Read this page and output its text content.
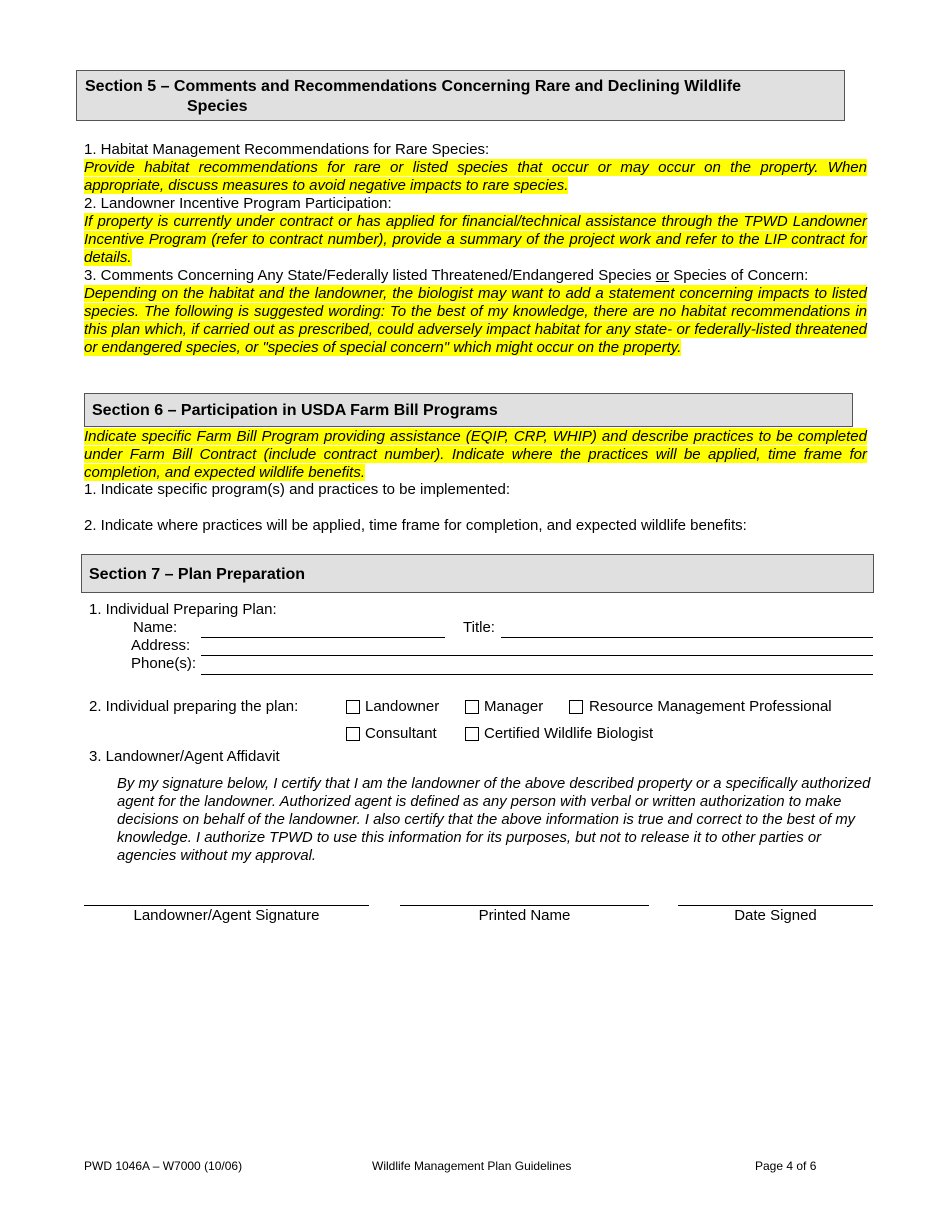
Section 5 – Comments and Recommendations Concerning Rare and Declining Wildlife
Species
1. Habitat Management Recommendations for Rare Species:
Provide habitat recommendations for rare or listed species that occur or may occur on the property. When appropriate, discuss measures to avoid negative impacts to rare species.
2. Landowner Incentive Program Participation:
If property is currently under contract or has applied for financial/technical assistance through the TPWD Landowner Incentive Program (refer to contract number), provide a summary of the project work and refer to the LIP contract for details.
3. Comments Concerning Any State/Federally listed Threatened/Endangered Species or Species of Concern:
Depending on the habitat and the landowner, the biologist may want to add a statement concerning impacts to listed species. The following is suggested wording: To the best of my knowledge, there are no habitat recommendations in this plan which, if carried out as prescribed, could adversely impact habitat for any state- or federally-listed threatened or endangered species, or "species of special concern" which might occur on the property.
Section 6 – Participation in USDA Farm Bill Programs
Indicate specific Farm Bill Program providing assistance (EQIP, CRP, WHIP) and describe practices to be completed under Farm Bill Contract (include contract number). Indicate where the practices will be applied, time frame for completion, and expected wildlife benefits.
1. Indicate specific program(s) and practices to be implemented:
2. Indicate where practices will be applied, time frame for completion, and expected wildlife benefits:
Section 7 – Plan Preparation
1. Individual Preparing Plan:
Name:	Title:
Address:
Phone(s):
2. Individual preparing the plan:	Landowner	Manager	Resource Management Professional
Consultant	Certified Wildlife Biologist
3. Landowner/Agent Affidavit
By my signature below, I certify that I am the landowner of the above described property or a specifically authorized agent for the landowner. Authorized agent is defined as any person with verbal or written authorization to make decisions on behalf of the landowner. I also certify that the above information is true and correct to the best of my knowledge. I authorize TPWD to use this information for its purposes, but not to release it to other parties or agencies without my approval.
Landowner/Agent Signature	Printed Name	Date Signed
PWD 1046A – W7000 (10/06)	Wildlife Management Plan Guidelines	Page 4 of 6
